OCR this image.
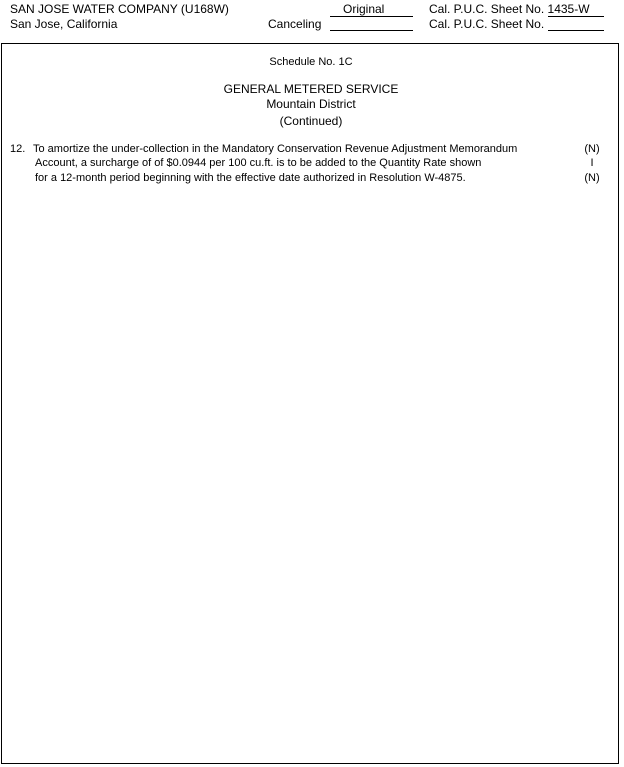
SAN JOSE WATER COMPANY (U168W)
San Jose, California	Canceling
Original	Cal. P.U.C. Sheet No. 1435-W
Cal. P.U.C. Sheet No.
Schedule No. 1C
GENERAL METERED SERVICE
Mountain District
(Continued)
12. To amortize the under-collection in the Mandatory Conservation Revenue Adjustment Memorandum
Account, a surcharge of of $0.0944 per 100 cu.ft. is to be added to the Quantity Rate shown
for a 12-month period beginning with the effective date authorized in Resolution W-4875.
(N)
I
(N)
